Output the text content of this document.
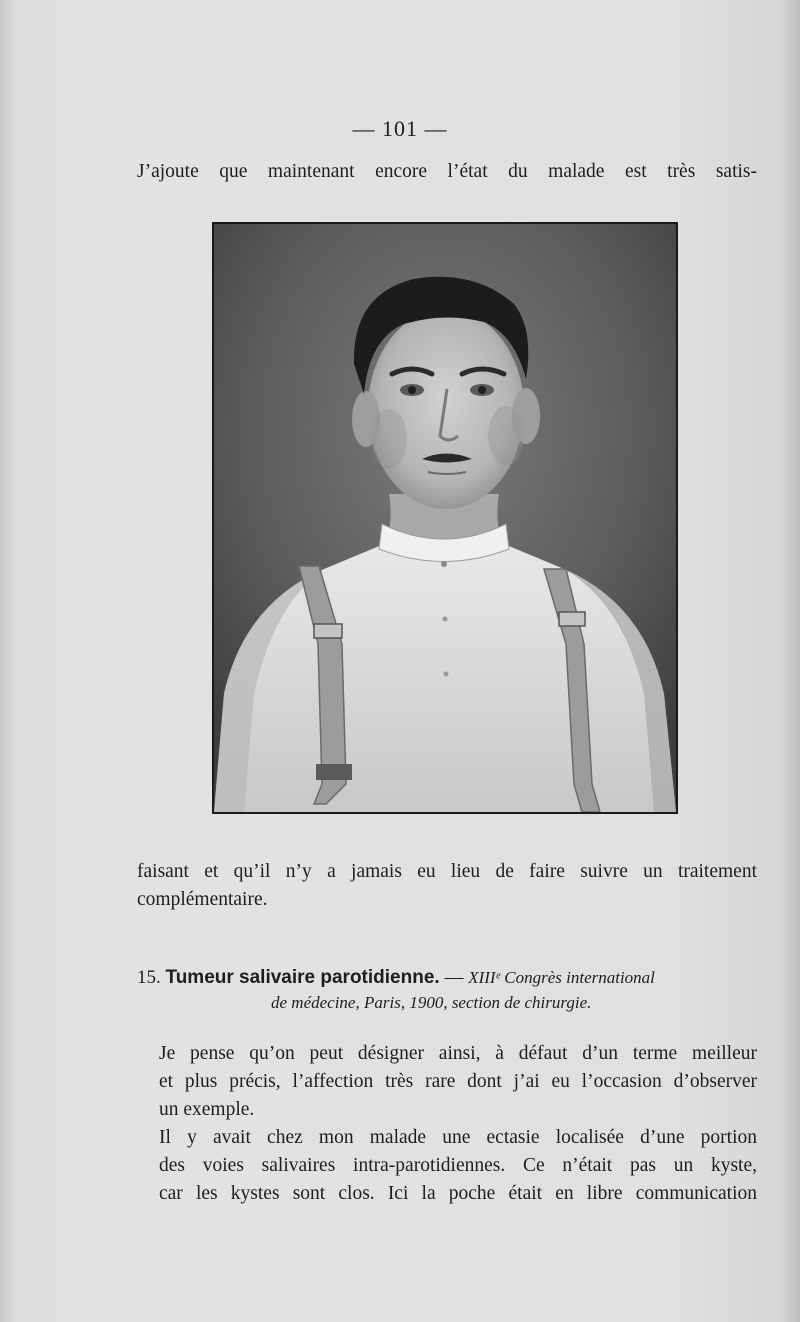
— 101 —
J’ajoute que maintenant encore l’état du malade est très satis-
faisant et qu’il n’y a jamais eu lieu de faire suivre un traitement
complémentaire.
15. Tumeur salivaire parotidienne. — XIIIᵉ Congrès international
de médecine, Paris, 1900, section de chirurgie.
Je pense qu’on peut désigner ainsi, à défaut d’un terme meilleur
et plus précis, l’affection très rare dont j’ai eu l’occasion d’observer
un exemple.
Il y avait chez mon malade une ectasie localisée d’une portion
des voies salivaires intra-parotidiennes. Ce n’était pas un kyste,
car les kystes sont clos. Ici la poche était en libre communication
